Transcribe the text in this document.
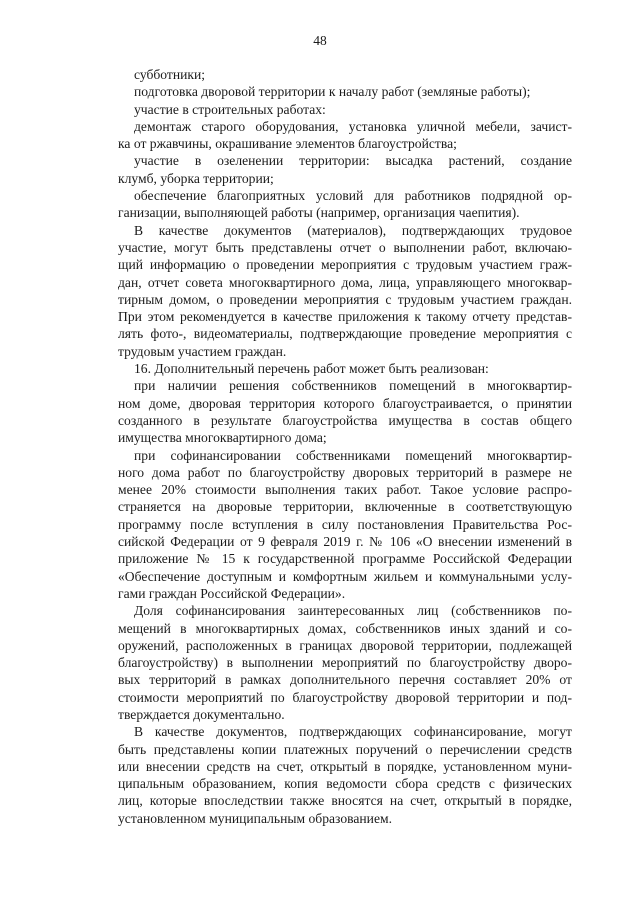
48
субботники;
подготовка дворовой территории к началу работ (земляные работы);
участие в строительных работах:
демонтаж старого оборудования, установка уличной мебели, зачист-
ка от ржавчины, окрашивание элементов благоустройства;
участие в озеленении территории: высадка растений, создание
клумб, уборка территории;
обеспечение благоприятных условий для работников подрядной ор-
ганизации, выполняющей работы (например, организация чаепития).
В качестве документов (материалов), подтверждающих трудовое
участие, могут быть представлены отчет о выполнении работ, включаю-
щий информацию о проведении мероприятия с трудовым участием граж-
дан, отчет совета многоквартирного дома, лица, управляющего многоквар-
тирным домом, о проведении мероприятия с трудовым участием граждан.
При этом рекомендуется в качестве приложения к такому отчету представ-
лять фото-, видеоматериалы, подтверждающие проведение мероприятия с
трудовым участием граждан.
16. Дополнительный перечень работ может быть реализован:
при наличии решения собственников помещений в многоквартир-
ном доме, дворовая территория которого благоустраивается, о принятии
созданного в результате благоустройства имущества в состав общего
имущества многоквартирного дома;
при софинансировании собственниками помещений многоквартир-
ного дома работ по благоустройству дворовых территорий в размере не
менее 20% стоимости выполнения таких работ. Такое условие распро-
страняется на дворовые территории, включенные в соответствующую
программу после вступления в силу постановления Правительства Рос-
сийской Федерации от 9 февраля 2019 г. № 106 «О внесении изменений в
приложение № 15 к государственной программе Российской Федерации
«Обеспечение доступным и комфортным жильем и коммунальными услу-
гами граждан Российской Федерации».
Доля софинансирования заинтересованных лиц (собственников по-
мещений в многоквартирных домах, собственников иных зданий и со-
оружений, расположенных в границах дворовой территории, подлежащей
благоустройству) в выполнении мероприятий по благоустройству дворо-
вых территорий в рамках дополнительного перечня составляет 20% от
стоимости мероприятий по благоустройству дворовой территории и под-
тверждается документально.
В качестве документов, подтверждающих софинансирование, могут
быть представлены копии платежных поручений о перечислении средств
или внесении средств на счет, открытый в порядке, установленном муни-
ципальным образованием, копия ведомости сбора средств с физических
лиц, которые впоследствии также вносятся на счет, открытый в порядке,
установленном муниципальным образованием.
